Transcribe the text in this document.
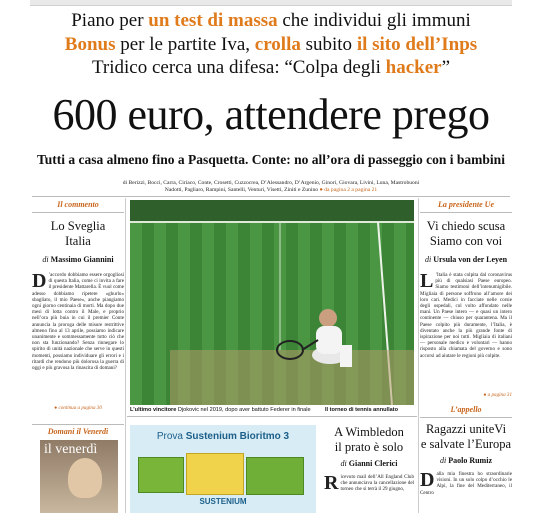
Piano per un test di massa che individui gli immuni
Bonus per le partite Iva, crolla subito il sito dell’Inps
Tridico cerca una difesa: “Colpa degli hacker”
600 euro, attendere prego
Tutti a casa almeno fino a Pasquetta. Conte: no all’ora di passeggio con i bambini
di Berizzi, Bocci, Carra, Ciriaco, Conte, Crosetti, Cuzzocrea, D’Alessandro, D’Argenio, Ginori, Giovara, Livini, Luna, Mastrobuoni
Nadotti, Pagliaro, Rampini, Santelli, Venturi, Visetti, Ziniti e Zunino ● da pagina 2 a pagina 21
Il commento
Lo Sveglia
Italia
di Massimo Giannini
D ’accordo dobbiamo essere orgogliosi di questa Italia, come ci invita a fare il presidente Mattarella. È vuol come adesso dobbiamo ripetere «ghurlo» sbagliato, il mio Paese», anche piangiamo ogni giorno centinaia di morti. Ma dopo due mesi di lotta contro il Male, e proprio nell’ora più buia in cui il premier Conte annuncia la proroga delle misure restrittive almeno fino al 13 aprile, possiamo indicare unanimente e sommessamente tutto ciò che non sta funzionando? Senza rinnegare lo spirito di unità nazionale che serve in questi momenti, possiamo individuare gli errori e i ritardi che rendono più dolorosa la guerra di oggi e più gravosa la rinascita di domani?
● continua a pagina 30
La presidente Ue
Vi chiedo scusa
Siamo con voi
di Ursula von der Leyen
L ’Italia è stata colpita dal coronavirus più di qualsiasi Paese europeo. Siamo testimoni dell’intenumigibile. Migliaia di persone soffrono all’amore dei loro cari. Medici in facciate nelle corsie degli ospedali, col volto affondato nelle mani. Un Paese intero — e quasi un intero continente — chiuso per quarantena. Ma il Paese colpito più duramente, l’Italia, è diventato anche la più grande fonte di ispirazione per noi tutti. Migliaia di italiani — personale medico e volontari — hanno risposto alla chiamata del governo e sono accorsi ad aiutare le regioni più colpite.
● a pagina 31
L’ultimo vincitore Djokovic nel 2019, dopo aver battuto Federer in finale	Il torneo di tennis annullato
A Wimbledon
il prato è solo
di Gianni Clerici
Ricevuto mail dell’All England Club che annunciava la cancellazione del torneo che si terrà il 29 giugno,
L’appello
Ragazzi uniteVi
e salvate l’Europa
di Paolo Rumiz
Dalla mia finestra ho straordinarie visioni. In un solo colpo d’occhio le Alpi, la fine del Mediterraneo, il Centro
Domani il Venerdì
il venerdì
Prova Sustenium Bioritmo 3
SUSTENIUM
